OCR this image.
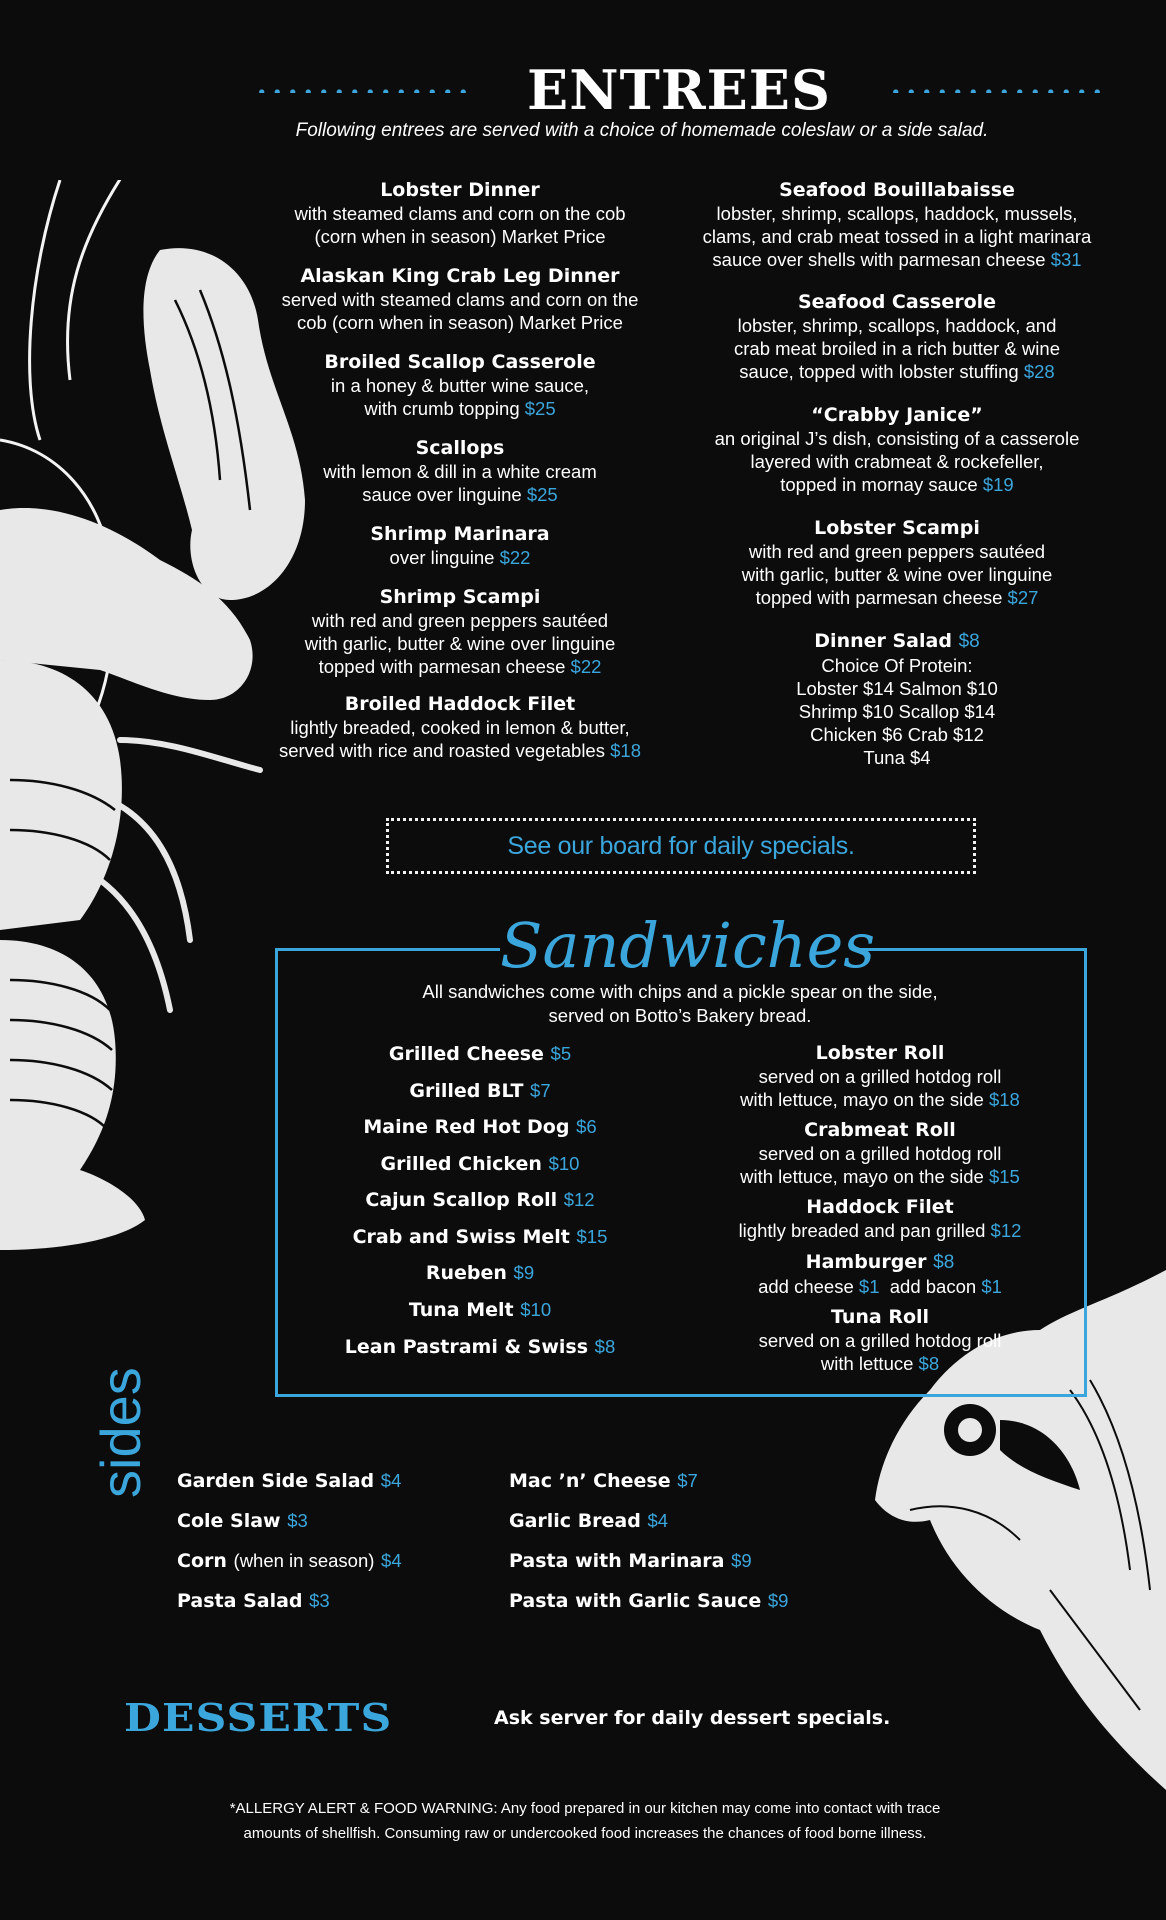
ENTREES
Following entrees are served with a choice of homemade coleslaw or a side salad.
Lobster Dinner
with steamed clams and corn on the cob
(corn when in season) Market Price
Alaskan King Crab Leg Dinner
served with steamed clams and corn on the
cob (corn when in season) Market Price
Broiled Scallop Casserole
in a honey & butter wine sauce,
with crumb topping $25
Scallops
with lemon & dill in a white cream
sauce over linguine $25
Shrimp Marinara
over linguine $22
Shrimp Scampi
with red and green peppers sautéed
with garlic, butter & wine over linguine
topped with parmesan cheese $22
Broiled Haddock Filet
lightly breaded, cooked in lemon & butter,
served with rice and roasted vegetables $18
Seafood Bouillabaisse
lobster, shrimp, scallops, haddock, mussels,
clams, and crab meat tossed in a light marinara
sauce over shells with parmesan cheese $31
Seafood Casserole
lobster, shrimp, scallops, haddock, and
crab meat broiled in a rich butter & wine
sauce, topped with lobster stuffing $28
“Crabby Janice”
an original J’s dish, consisting of a casserole
layered with crabmeat & rockefeller,
topped in mornay sauce $19
Lobster Scampi
with red and green peppers sautéed
with garlic, butter & wine over linguine
topped with parmesan cheese $27
Dinner Salad $8
Choice Of Protein:
Lobster $14 Salmon $10
Shrimp $10 Scallop $14
Chicken $6 Crab $12
Tuna $4
See our board for daily specials.
Sandwiches
All sandwiches come with chips and a pickle spear on the side,
served on Botto’s Bakery bread.
Grilled Cheese $5
Grilled BLT $7
Maine Red Hot Dog $6
Grilled Chicken $10
Cajun Scallop Roll $12
Crab and Swiss Melt $15
Rueben $9
Tuna Melt $10
Lean Pastrami & Swiss $8
Lobster Roll
served on a grilled hotdog roll
with lettuce, mayo on the side $18
Crabmeat Roll
served on a grilled hotdog roll
with lettuce, mayo on the side $15
Haddock Filet
lightly breaded and pan grilled $12
Hamburger $8
add cheese $1 add bacon $1
Tuna Roll
served on a grilled hotdog roll
with lettuce $8
sides Garden Side Salad $4
Cole Slaw $3
Corn (when in season) $4
Pasta Salad $3
Mac ’n’ Cheese $7
Garlic Bread $4
Pasta with Marinara $9
Pasta with Garlic Sauce $9
DESSERTS	Ask server for daily dessert specials.
*ALLERGY ALERT & FOOD WARNING: Any food prepared in our kitchen may come into contact with trace
amounts of shellfish. Consuming raw or undercooked food increases the chances of food borne illness.
